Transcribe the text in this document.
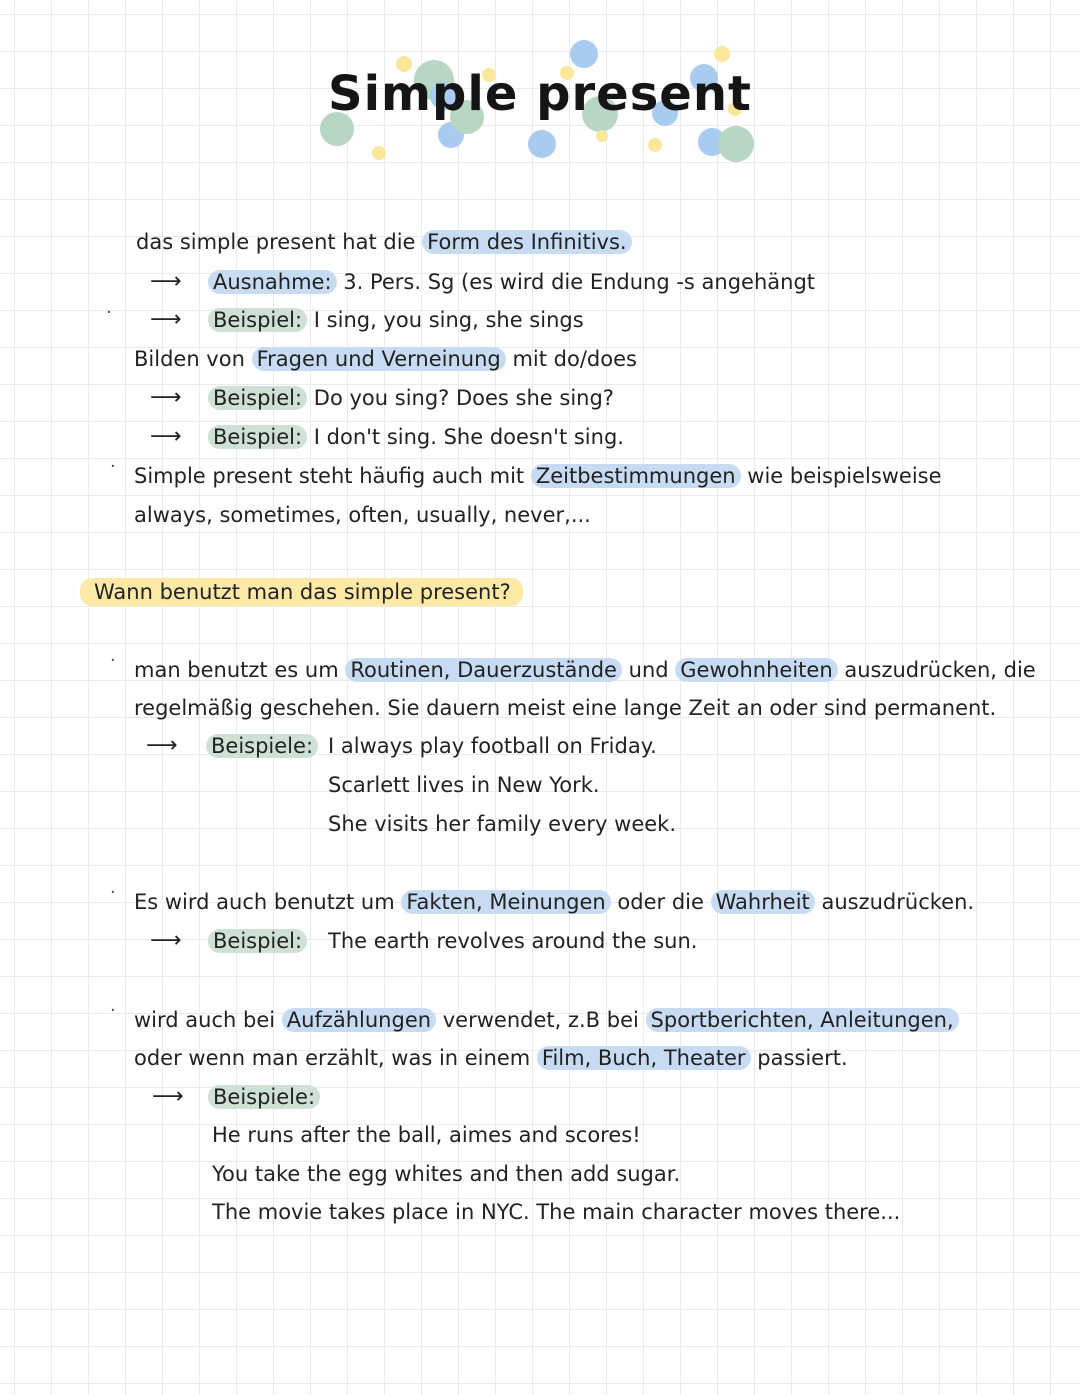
Simple present
das simple present hat die Form des Infinitivs.
⟶ Ausnahme: 3. Pers. Sg (es wird die Endung -s angehängt
· ⟶ Beispiel: I sing, you sing, she sings
Bilden von Fragen und Verneinung mit do/does
⟶ Beispiel: Do you sing? Does she sing?
⟶ Beispiel: I don't sing. She doesn't sing.
· Simple present steht häufig auch mit Zeitbestimmungen wie beispielsweise
always, sometimes, often, usually, never,...
Wann benutzt man das simple present?
· man benutzt es um Routinen, Dauerzustände und Gewohnheiten auszudrücken, die
regelmäßig geschehen. Sie dauern meist eine lange Zeit an oder sind permanent.
⟶ Beispiele: I always play football on Friday.
Scarlett lives in New York.
She visits her family every week.
· Es wird auch benutzt um Fakten, Meinungen oder die Wahrheit auszudrücken.
⟶ Beispiel: The earth revolves around the sun.
· wird auch bei Aufzählungen verwendet, z.B bei Sportberichten, Anleitungen,
oder wenn man erzählt, was in einem Film, Buch, Theater passiert.
⟶ Beispiele:
He runs after the ball, aimes and scores!
You take the egg whites and then add sugar.
The movie takes place in NYC. The main character moves there...
